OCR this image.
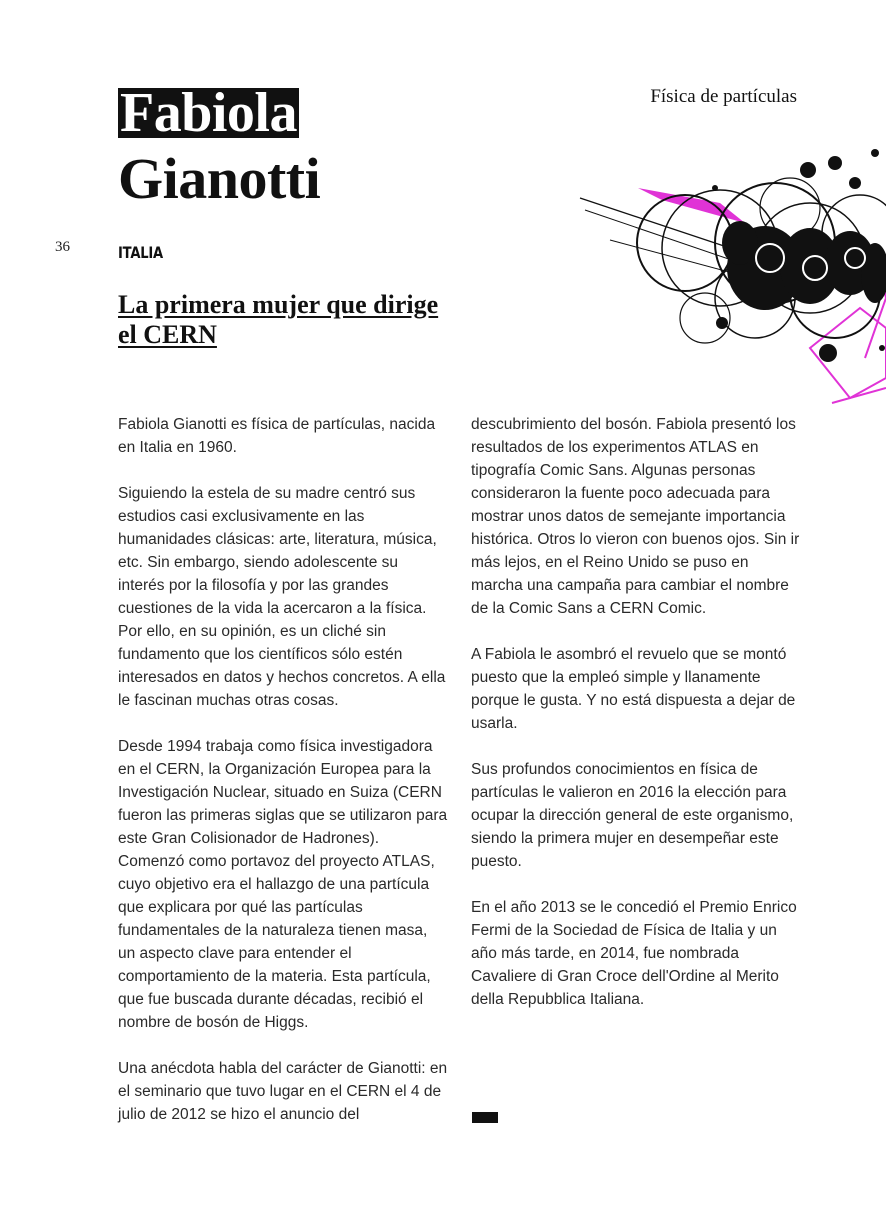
Física de partículas
Fabiola
Gianotti
36	ITALIA
La primera mujer que dirige el CERN

Fabiola Gianotti es física de partículas, nacida en Italia en 1960.

Siguiendo la estela de su madre centró sus estudios casi exclusivamente en las humanidades clásicas: arte, literatura, música, etc. Sin embargo, siendo adolescente su interés por la filosofía y por las grandes cuestiones de la vida la acercaron a la física. Por ello, en su opinión, es un cliché sin fundamento que los científicos sólo estén interesados en datos y hechos concretos. A ella le fascinan muchas otras cosas.

Desde 1994 trabaja como física investigadora en el CERN, la Organización Europea para la Investigación Nuclear, situado en Suiza (CERN fueron las primeras siglas que se utilizaron para este Gran Colisionador de Hadrones). Comenzó como portavoz del proyecto ATLAS, cuyo objetivo era el hallazgo de una partícula que explicara por qué las partículas fundamentales de la naturaleza tienen masa, un aspecto clave para entender el comportamiento de la materia. Esta partícula, que fue buscada durante décadas, recibió el nombre de bosón de Higgs.

Una anécdota habla del carácter de Gianotti: en el seminario que tuvo lugar en el CERN el 4 de julio de 2012 se hizo el anuncio del

descubrimiento del bosón. Fabiola presentó los resultados de los experimentos ATLAS en tipografía Comic Sans. Algunas personas consideraron la fuente poco adecuada para mostrar unos datos de semejante importancia histórica. Otros lo vieron con buenos ojos. Sin ir más lejos, en el Reino Unido se puso en marcha una campaña para cambiar el nombre de la Comic Sans a CERN Comic.

A Fabiola le asombró el revuelo que se montó puesto que la empleó simple y llanamente porque le gusta. Y no está dispuesta a dejar de usarla.

Sus profundos conocimientos en física de partículas le valieron en 2016 la elección para ocupar la dirección general de este organismo, siendo la primera mujer en desempeñar este puesto.

En el año 2013 se le concedió el Premio Enrico Fermi de la Sociedad de Física de Italia y un año más tarde, en 2014, fue nombrada Cavaliere di Gran Croce dell'Ordine al Merito della Repubblica Italiana.
